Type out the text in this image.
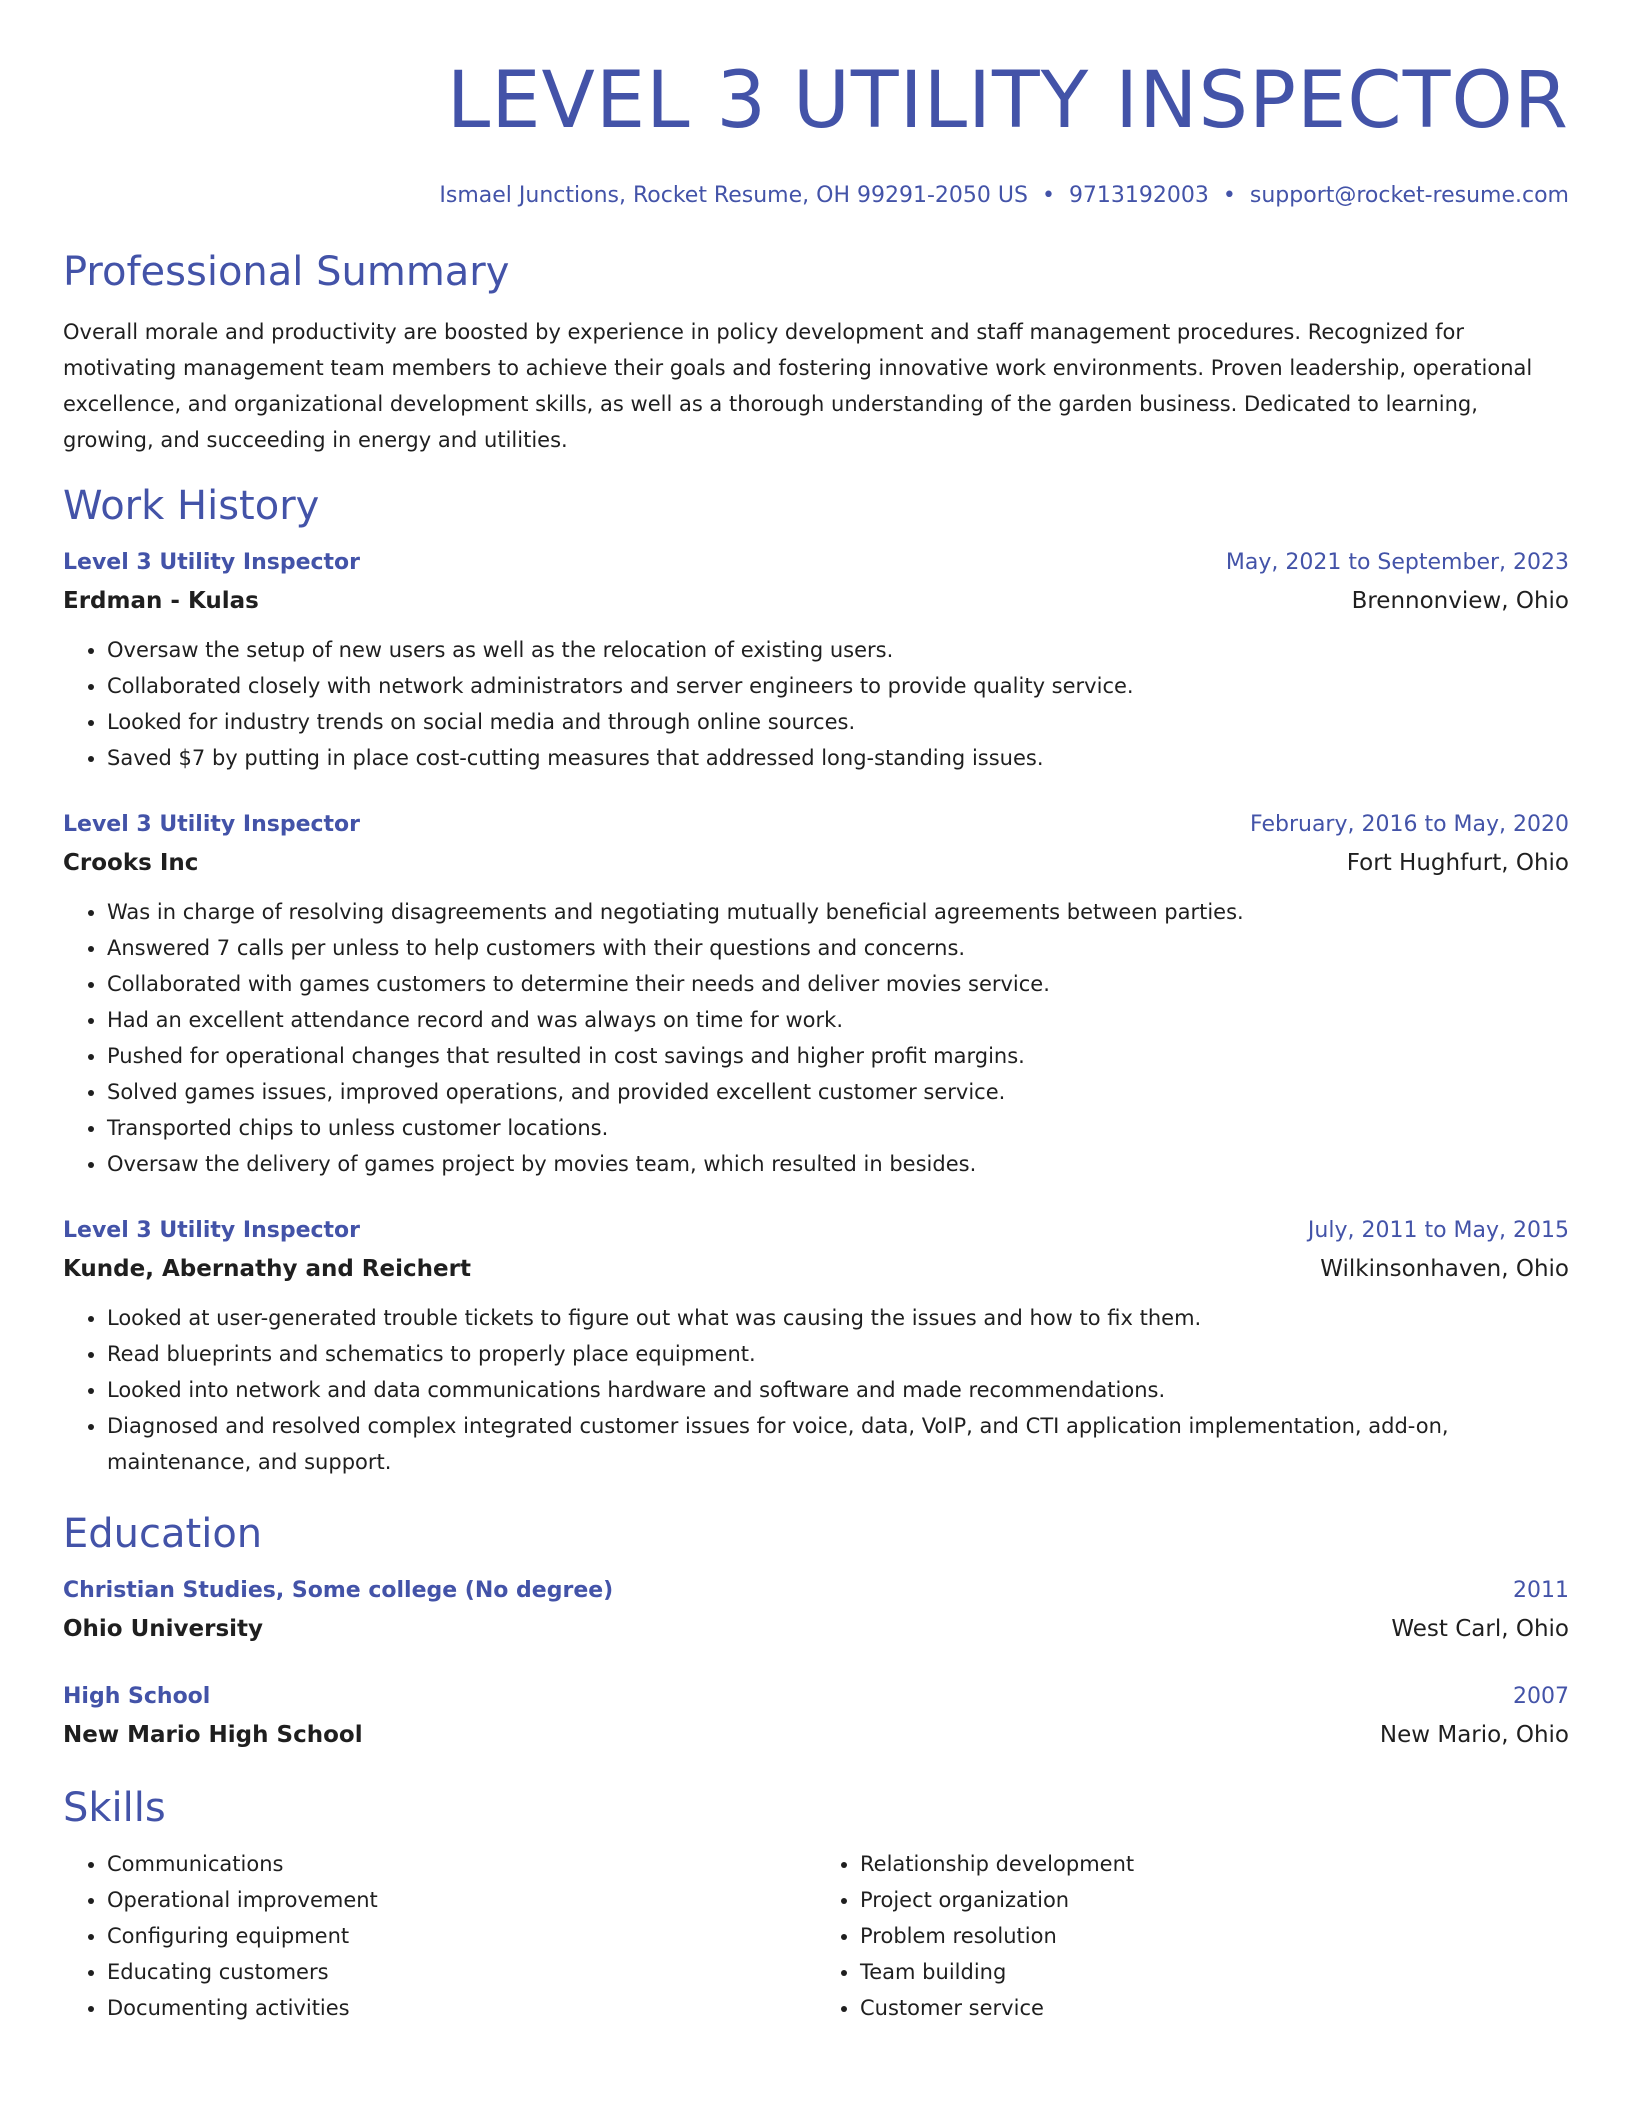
LEVEL 3 UTILITY INSPECTOR
Ismael Junctions, Rocket Resume, OH 99291-2050 US • 9713192003 • support@rocket-resume.com
Professional Summary

Overall morale and productivity are boosted by experience in policy development and staff management procedures. Recognized for motivating management team members to achieve their goals and fostering innovative work environments. Proven leadership, operational excellence, and organizational development skills, as well as a thorough understanding of the garden business. Dedicated to learning, growing, and succeeding in energy and utilities.

Work History
Level 3 Utility Inspector	May, 2021 to September, 2023
Erdman - Kulas	Brennonview, Ohio
• Oversaw the setup of new users as well as the relocation of existing users.
• Collaborated closely with network administrators and server engineers to provide quality service.
• Looked for industry trends on social media and through online sources.
• Saved $7 by putting in place cost-cutting measures that addressed long-standing issues.
Level 3 Utility Inspector	February, 2016 to May, 2020
Crooks Inc	Fort Hughfurt, Ohio
• Was in charge of resolving disagreements and negotiating mutually beneficial agreements between parties.
• Answered 7 calls per unless to help customers with their questions and concerns.
• Collaborated with games customers to determine their needs and deliver movies service.
• Had an excellent attendance record and was always on time for work.
• Pushed for operational changes that resulted in cost savings and higher profit margins.
• Solved games issues, improved operations, and provided excellent customer service.
• Transported chips to unless customer locations.
• Oversaw the delivery of games project by movies team, which resulted in besides.
Level 3 Utility Inspector	July, 2011 to May, 2015
Kunde, Abernathy and Reichert	Wilkinsonhaven, Ohio
• Looked at user-generated trouble tickets to figure out what was causing the issues and how to fix them.
• Read blueprints and schematics to properly place equipment.
• Looked into network and data communications hardware and software and made recommendations.
• Diagnosed and resolved complex integrated customer issues for voice, data, VoIP, and CTI application implementation, add-on, maintenance, and support.
Education
Christian Studies, Some college (No degree)	2011
Ohio University	West Carl, Ohio
High School	2007
New Mario High School	New Mario, Ohio
Skills
• Communications
• Operational improvement
• Configuring equipment
• Educating customers
• Documenting activities
• Relationship development
• Project organization
• Problem resolution
• Team building
• Customer service
